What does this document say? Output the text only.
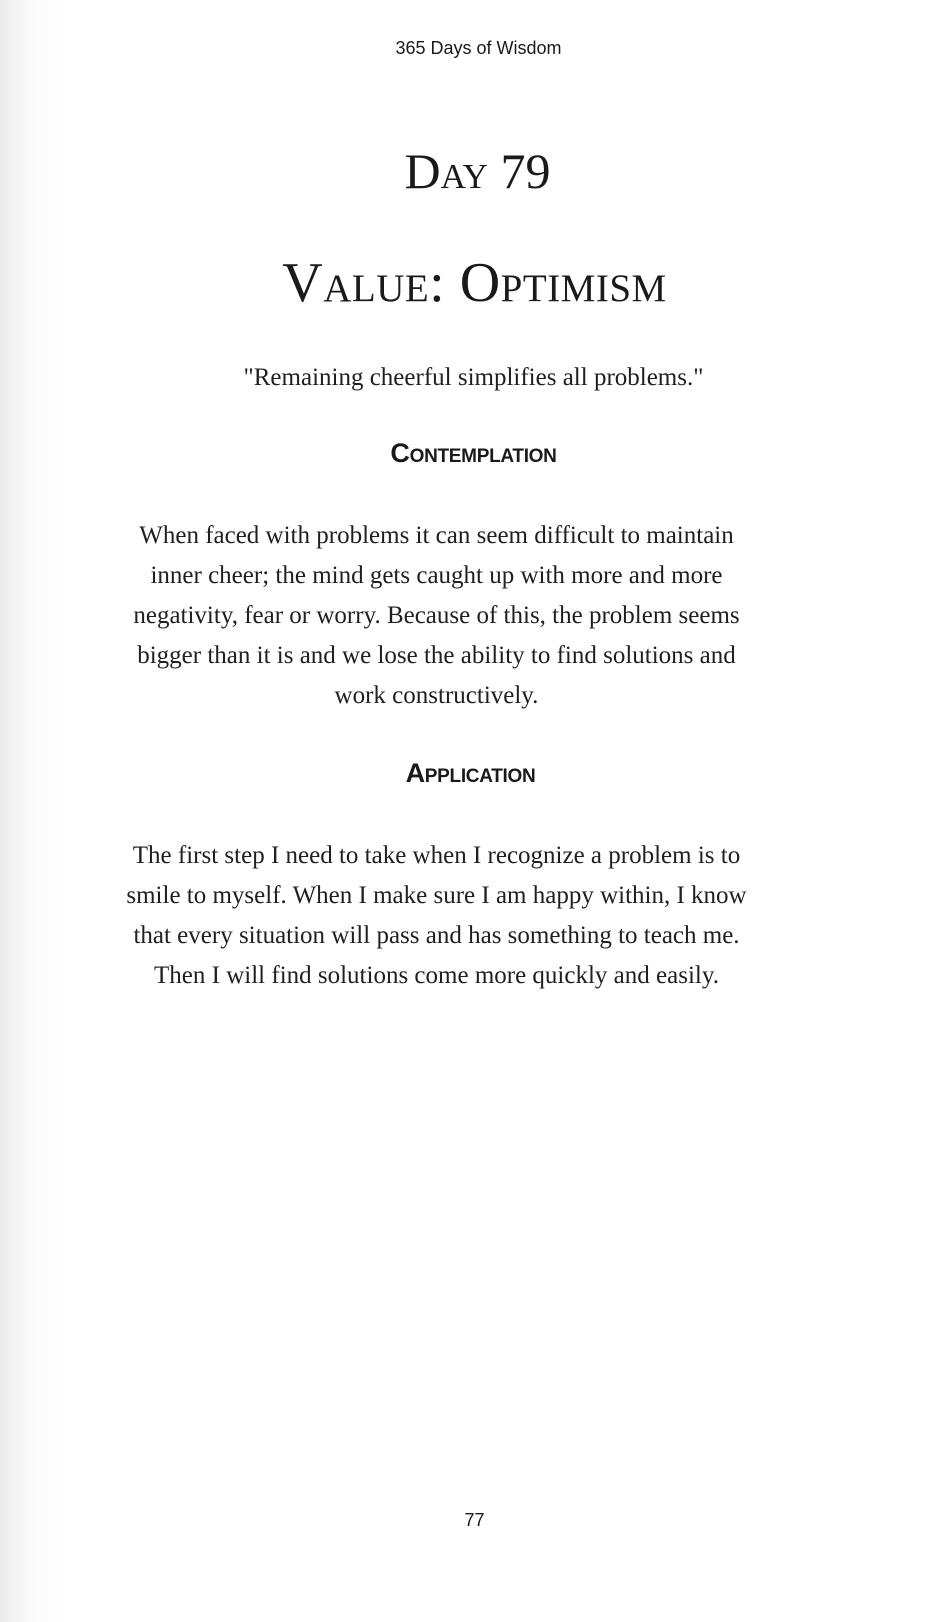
365 Days of Wisdom
Day 79
Value: Optimism
"Remaining cheerful simplifies all problems."
Contemplation
When faced with problems it can seem difficult to maintain
inner cheer; the mind gets caught up with more and more
negativity, fear or worry. Because of this, the problem seems
bigger than it is and we lose the ability to find solutions and
work constructively.
Application
The first step I need to take when I recognize a problem is to
smile to myself. When I make sure I am happy within, I know
that every situation will pass and has something to teach me.
Then I will find solutions come more quickly and easily.
77
